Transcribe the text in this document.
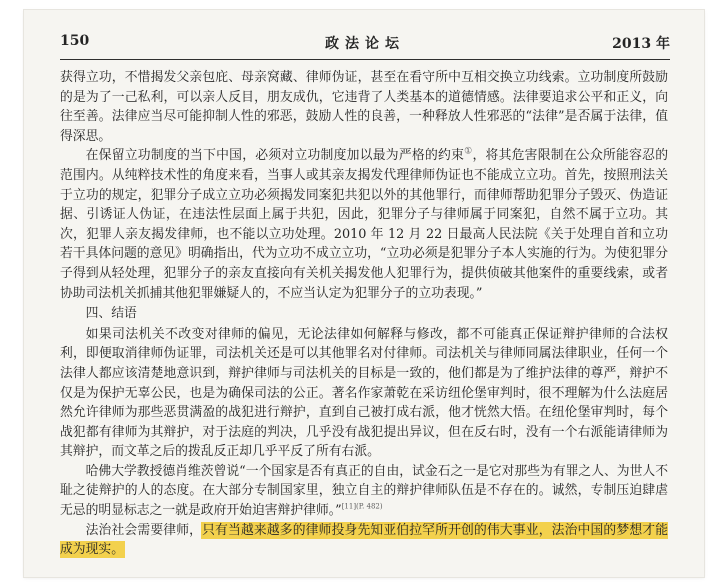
150	政法论坛	2013 年

获得立功，不惜揭发父亲包庇、母亲窝藏、律师伪证，甚至在看守所中互相交换立功线索。立功制度所鼓励的是为了一己私利，可以亲人反目，朋友成仇，它违背了人类基本的道德情感。法律要追求公平和正义，向往至善。法律应当尽可能抑制人性的邪恶，鼓励人性的良善，一种释放人性邪恶的“法律”是否属于法律，值得深思。

在保留立功制度的当下中国，必须对立功制度加以最为严格的约束①，将其危害限制在公众所能容忍的范围内。从纯粹技术性的角度来看，当事人或其亲友揭发代理律师伪证也不能成立立功。首先，按照刑法关于立功的规定，犯罪分子成立立功必须揭发同案犯共犯以外的其他罪行，而律师帮助犯罪分子毁灭、伪造证据、引诱证人伪证，在违法性层面上属于共犯，因此，犯罪分子与律师属于同案犯，自然不属于立功。其次，犯罪人亲友揭发律师，也不能以立功处理。2010 年 12 月 22 日最高人民法院《关于处理自首和立功若干具体问题的意见》明确指出，代为立功不成立立功，“立功必须是犯罪分子本人实施的行为。为使犯罪分子得到从轻处理，犯罪分子的亲友直接向有关机关揭发他人犯罪行为，提供侦破其他案件的重要线索，或者协助司法机关抓捕其他犯罪嫌疑人的，不应当认定为犯罪分子的立功表现。”

四、结语

如果司法机关不改变对律师的偏见，无论法律如何解释与修改，都不可能真正保证辩护律师的合法权利，即便取消律师伪证罪，司法机关还是可以其他罪名对付律师。司法机关与律师同属法律职业，任何一个法律人都应该清楚地意识到，辩护律师与司法机关的目标是一致的，他们都是为了维护法律的尊严，辩护不仅是为保护无辜公民，也是为确保司法的公正。著名作家萧乾在采访纽伦堡审判时，很不理解为什么法庭居然允许律师为那些恶贯满盈的战犯进行辩护，直到自己被打成右派，他才恍然大悟。在纽伦堡审判时，每个战犯都有律师为其辩护，对于法庭的判决，几乎没有战犯提出异议，但在反右时，没有一个右派能请律师为其辩护，而文革之后的拨乱反正却几乎平反了所有右派。

哈佛大学教授德肖维茨曾说“一个国家是否有真正的自由，试金石之一是它对那些为有罪之人、为世人不耻之徒辩护的人的态度。在大部分专制国家里，独立自主的辩护律师队伍是不存在的。诚然，专制压迫肆虐无忌的明显标志之一就是政府开始迫害辩护律师。”$^{[11](P. 482)}$

法治社会需要律师，只有当越来越多的律师投身先知亚伯拉罕所开创的伟大事业，法治中国的梦想才能成为现实。
